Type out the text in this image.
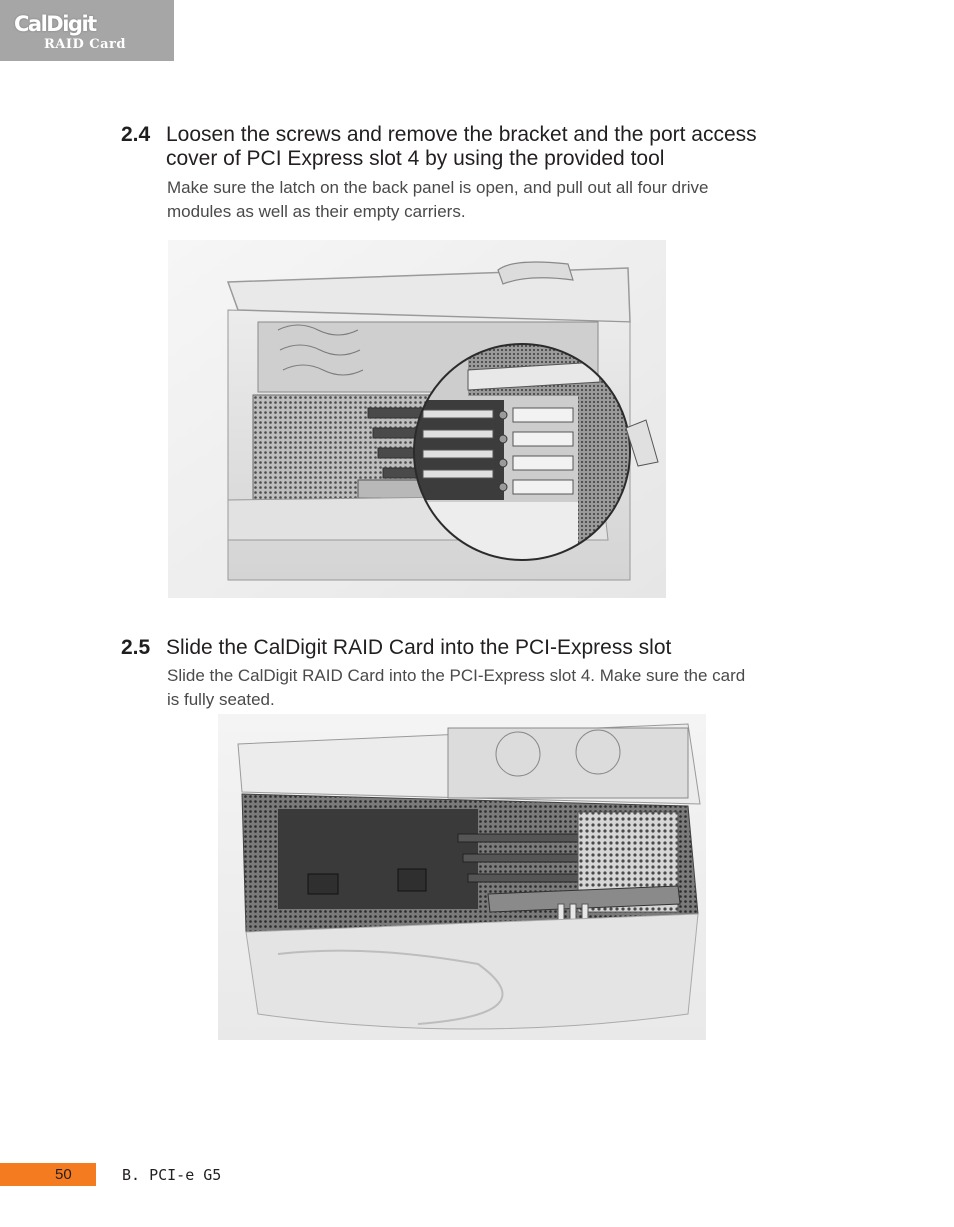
CalDigit
RAID Card
2.4 Loosen the screws and remove the bracket and the port access
cover of PCI Express slot 4 by using the provided tool
Make sure the latch on the back panel is open, and pull out all four drive
modules as well as their empty carriers.
2.5 Slide the CalDigit RAID Card into the PCI-Express slot
Slide the CalDigit RAID Card into the PCI-Express slot 4. Make sure the card
is fully seated.
50	B. PCI-e G5
